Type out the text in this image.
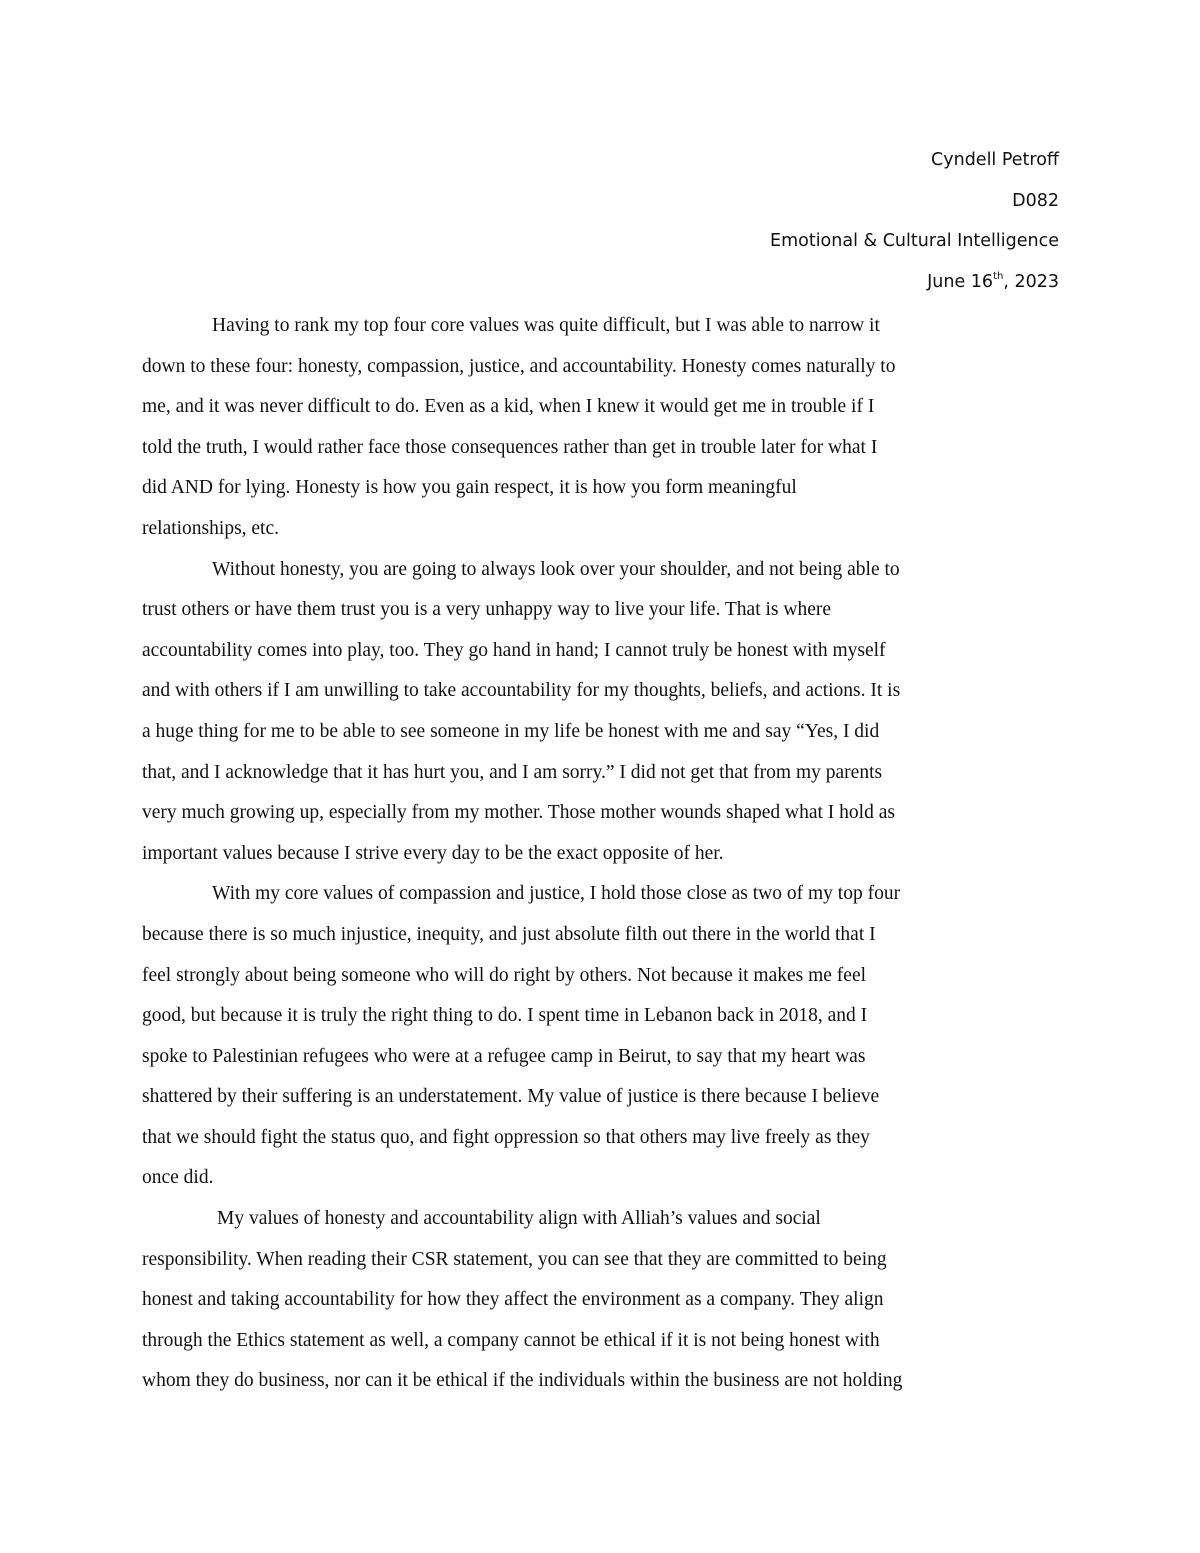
Cyndell Petroff
D082
Emotional & Cultural Intelligence
June 16th, 2023
Having to rank my top four core values was quite difficult, but I was able to narrow it
down to these four: honesty, compassion, justice, and accountability. Honesty comes naturally to
me, and it was never difficult to do. Even as a kid, when I knew it would get me in trouble if I
told the truth, I would rather face those consequences rather than get in trouble later for what I
did AND for lying. Honesty is how you gain respect, it is how you form meaningful
relationships, etc.
Without honesty, you are going to always look over your shoulder, and not being able to
trust others or have them trust you is a very unhappy way to live your life. That is where
accountability comes into play, too. They go hand in hand; I cannot truly be honest with myself
and with others if I am unwilling to take accountability for my thoughts, beliefs, and actions. It is
a huge thing for me to be able to see someone in my life be honest with me and say “Yes, I did
that, and I acknowledge that it has hurt you, and I am sorry.” I did not get that from my parents
very much growing up, especially from my mother. Those mother wounds shaped what I hold as
important values because I strive every day to be the exact opposite of her.
With my core values of compassion and justice, I hold those close as two of my top four
because there is so much injustice, inequity, and just absolute filth out there in the world that I
feel strongly about being someone who will do right by others. Not because it makes me feel
good, but because it is truly the right thing to do. I spent time in Lebanon back in 2018, and I
spoke to Palestinian refugees who were at a refugee camp in Beirut, to say that my heart was
shattered by their suffering is an understatement. My value of justice is there because I believe
that we should fight the status quo, and fight oppression so that others may live freely as they
once did.
My values of honesty and accountability align with Alliah’s values and social
responsibility. When reading their CSR statement, you can see that they are committed to being
honest and taking accountability for how they affect the environment as a company. They align
through the Ethics statement as well, a company cannot be ethical if it is not being honest with
whom they do business, nor can it be ethical if the individuals within the business are not holding
